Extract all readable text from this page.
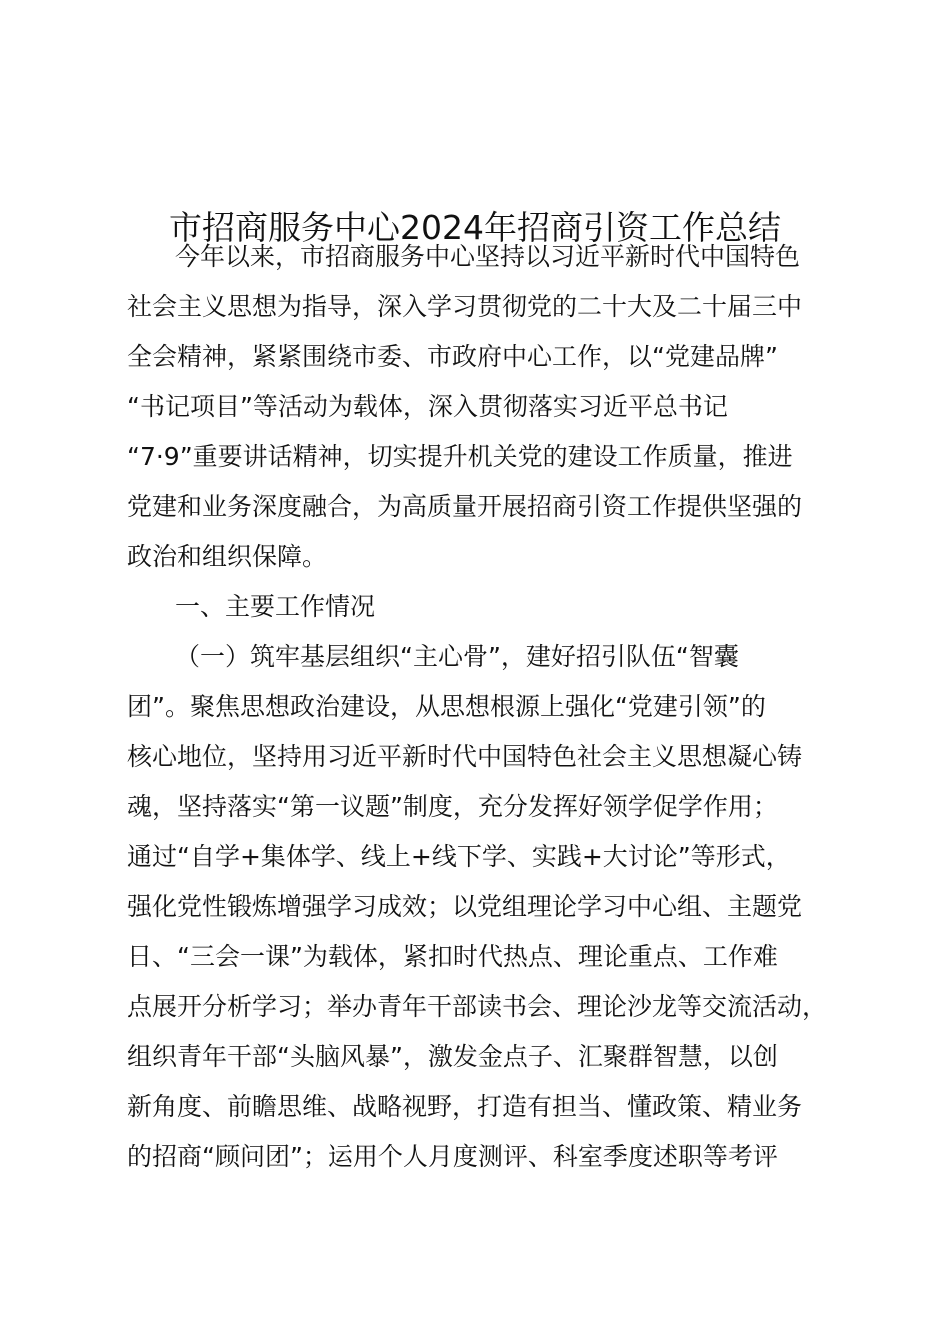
市招商服务中心2024年招商引资工作总结
今年以来，市招商服务中心坚持以习近平新时代中国特色
社会主义思想为指导，深入学习贯彻党的二十大及二十届三中
全会精神，紧紧围绕市委、市政府中心工作，以“党建品牌”
“书记项目”等活动为载体，深入贯彻落实习近平总书记
“7·9”重要讲话精神，切实提升机关党的建设工作质量，推进
党建和业务深度融合，为高质量开展招商引资工作提供坚强的
政治和组织保障。
一、主要工作情况
（一）筑牢基层组织“主心骨”，建好招引队伍“智囊
团”。聚焦思想政治建设，从思想根源上强化“党建引领”的
核心地位，坚持用习近平新时代中国特色社会主义思想凝心铸
魂，坚持落实“第一议题”制度，充分发挥好领学促学作用；
通过“自学+集体学、线上+线下学、实践+大讨论”等形式，
强化党性锻炼增强学习成效；以党组理论学习中心组、主题党
日、“三会一课”为载体，紧扣时代热点、理论重点、工作难
点展开分析学习；举办青年干部读书会、理论沙龙等交流活动，
组织青年干部“头脑风暴”，激发金点子、汇聚群智慧，以创
新角度、前瞻思维、战略视野，打造有担当、懂政策、精业务
的招商“顾问团”；运用个人月度测评、科室季度述职等考评
